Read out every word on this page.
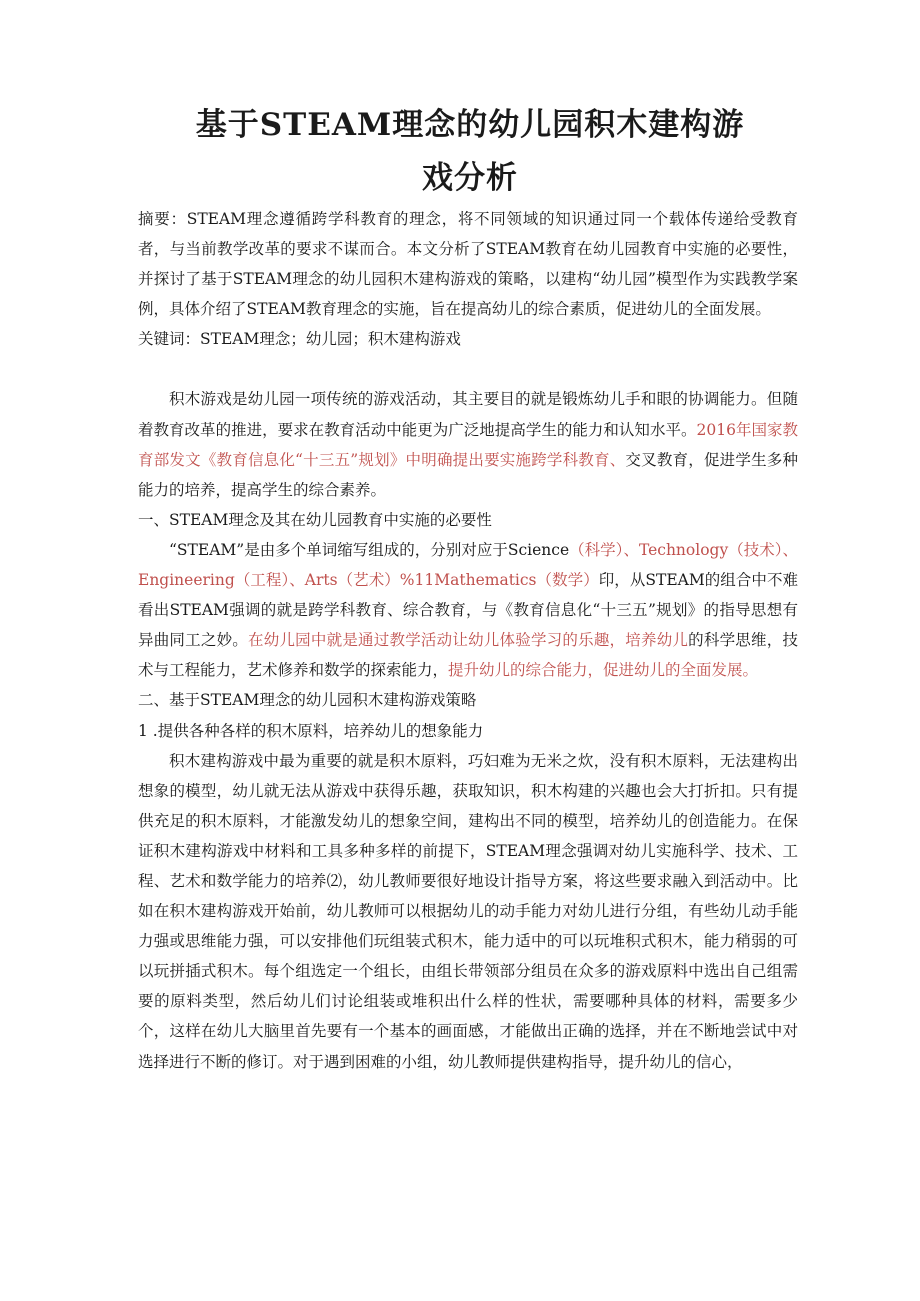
基于STEAM理念的幼儿园积木建构游
戏分析

摘要：STEAM理念遵循跨学科教育的理念，将不同领域的知识通过同一个载体传递给受教育者，与当前教学改革的要求不谋而合。本文分析了STEAM教育在幼儿园教育中实施的必要性，并探讨了基于STEAM理念的幼儿园积木建构游戏的策略，以建构“幼儿园”模型作为实践教学案例，具体介绍了STEAM教育理念的实施，旨在提高幼儿的综合素质，促进幼儿的全面发展。

关键词：STEAM理念；幼儿园；积木建构游戏

积木游戏是幼儿园一项传统的游戏活动，其主要目的就是锻炼幼儿手和眼的协调能力。但随着教育改革的推进，要求在教育活动中能更为广泛地提高学生的能力和认知水平。2016年国家教育部发文《教育信息化“十三五”规划》中明确提出要实施跨学科教育、交叉教育，促进学生多种能力的培养，提高学生的综合素养。

一、STEAM理念及其在幼儿园教育中实施的必要性

“STEAM”是由多个单词缩写组成的，分别对应于Science（科学）、Technology（技术）、Engineering（工程）、Arts（艺术）%11Mathematics（数学）印，从STEAM的组合中不难看出STEAM强调的就是跨学科教育、综合教育，与《教育信息化“十三五”规划》的指导思想有异曲同工之妙。在幼儿园中就是通过教学活动让幼儿体验学习的乐趣，培养幼儿的科学思维，技术与工程能力，艺术修养和数学的探索能力，提升幼儿的综合能力，促进幼儿的全面发展。

二、基于STEAM理念的幼儿园积木建构游戏策略

1 .提供各种各样的积木原料，培养幼儿的想象能力

积木建构游戏中最为重要的就是积木原料，巧妇难为无米之炊，没有积木原料，无法建构出想象的模型，幼儿就无法从游戏中获得乐趣，获取知识，积木构建的兴趣也会大打折扣。只有提供充足的积木原料，才能激发幼儿的想象空间，建构出不同的模型，培养幼儿的创造能力。在保证积木建构游戏中材料和工具多种多样的前提下，STEAM理念强调对幼儿实施科学、技术、工程、艺术和数学能力的培养⑵，幼儿教师要很好地设计指导方案，将这些要求融入到活动中。比如在积木建构游戏开始前，幼儿教师可以根据幼儿的动手能力对幼儿进行分组，有些幼儿动手能力强或思维能力强，可以安排他们玩组装式积木，能力适中的可以玩堆积式积木，能力稍弱的可以玩拼插式积木。每个组选定一个组长，由组长带领部分组员在众多的游戏原料中选出自己组需要的原料类型，然后幼儿们讨论组装或堆积出什么样的性状，需要哪种具体的材料，需要多少个，这样在幼儿大脑里首先要有一个基本的画面感，才能做出正确的选择，并在不断地尝试中对选择进行不断的修订。对于遇到困难的小组，幼儿教师提供建构指导，提升幼儿的信心，
